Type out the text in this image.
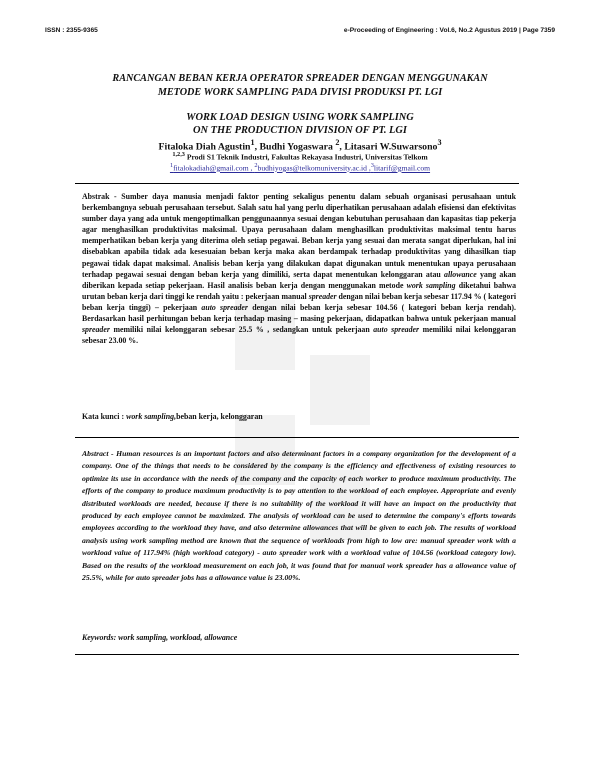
ISSN : 2355-9365	e-Proceeding of Engineering : Vol.6, No.2 Agustus 2019 | Page 7359
RANCANGAN BEBAN KERJA OPERATOR SPREADER DENGAN MENGGUNAKAN
METODE WORK SAMPLING PADA DIVISI PRODUKSI PT. LGI
WORK LOAD DESIGN USING WORK SAMPLING
ON THE PRODUCTION DIVISION OF PT. LGI
Fitaloka Diah Agustin$^1$, Budhi Yogaswara $^2$, Litasari W.Suwarsono$^3$
$^{1,2,3}$ Prodi S1 Teknik Industri, Fakultas Rekayasa Industri, Universitas Telkom
$^1$fitalokadiah@gmail.com , $^2$budhiyogas@telkomuniversity.ac.id ,$^3$litarif@gmail.com
Abstrak - Sumber daya manusia menjadi faktor penting sekaligus penentu dalam sebuah organisasi perusahaan untuk berkembangnya sebuah perusahaan tersebut. Salah satu hal yang perlu diperhatikan perusahaan adalah efisiensi dan efektivitas sumber daya yang ada untuk mengoptimalkan penggunaannya sesuai dengan kebutuhan perusahaan dan kapasitas tiap pekerja agar menghasilkan produktivitas maksimal. Upaya perusahaan dalam menghasilkan produktivitas maksimal tentu harus memperhatikan beban kerja yang diterima oleh setiap pegawai. Beban kerja yang sesuai dan merata sangat diperlukan, hal ini disebabkan apabila tidak ada kesesuaian beban kerja maka akan berdampak terhadap produktivitas yang dihasilkan tiap pegawai tidak dapat maksimal. Analisis beban kerja yang dilakukan dapat digunakan untuk menentukan upaya perusahaan terhadap pegawai sesuai dengan beban kerja yang dimiliki, serta dapat menentukan kelonggaran atau allowance yang akan diberikan kepada setiap pekerjaan. Hasil analisis beban kerja dengan menggunakan metode work sampling diketahui bahwa urutan beban kerja dari tinggi ke rendah yaitu : pekerjaan manual spreader dengan nilai beban kerja sebesar 117.94 % ( kategori beban kerja tinggi) – pekerjaan auto spreader dengan nilai beban kerja sebesar 104.56 ( kategori beban kerja rendah). Berdasarkan hasil perhitungan beban kerja terhadap masing – masing pekerjaan, didapatkan bahwa untuk pekerjaan manual spreader memiliki nilai kelonggaran sebesar 25.5 % , sedangkan untuk pekerjaan auto spreader memiliki nilai kelonggaran sebesar 23.00 %.
Kata kunci : work sampling,beban kerja, kelonggaran
Abstract - Human resources is an important factors and also determinant factors in a company organization for the development of a company. One of the things that needs to be considered by the company is the efficiency and effectiveness of existing resources to optimize its use in accordance with the needs of the company and the capacity of each worker to produce maximum productivity. The efforts of the company to produce maximum productivity is to pay attention to the workload of each employee. Appropriate and evenly distributed workloads are needed, because if there is no suitability of the workload it will have an impact on the productivity that produced by each employee cannot be maximized. The analysis of workload can be used to determine the company's efforts towards employees according to the workload they have, and also determine allowances that will be given to each job. The results of workload analysis using work sampling method are known that the sequence of workloads from high to low are: manual spreader work with a workload value of 117.94% (high workload category) - auto spreader work with a workload value of 104.56 (workload category low). Based on the results of the workload measurement on each job, it was found that for manual work spreader has a allowance value of 25.5%, while for auto spreader jobs has a allowance value is 23.00%.
Keywords: work sampling, workload, allowance
